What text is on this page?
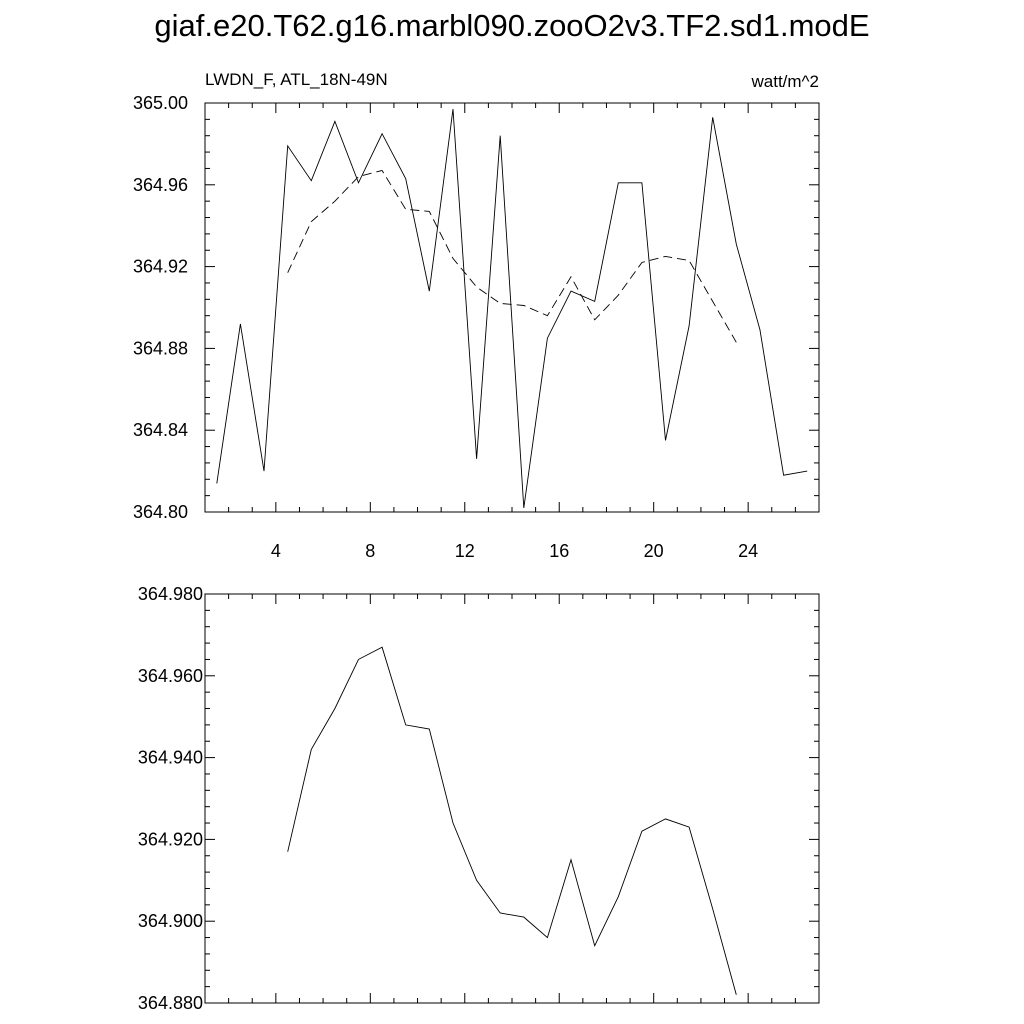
giaf.e20.T62.g16.marbl090.zooO2v3.TF2.sd1.modE
4	8	12	16	20	24
364.80
364.84
364.88
364.92
364.96
365.00
LWDN_F, ATL_18N-49N	watt/m^2
364.880
364.900
364.920
364.940
364.960
364.980
